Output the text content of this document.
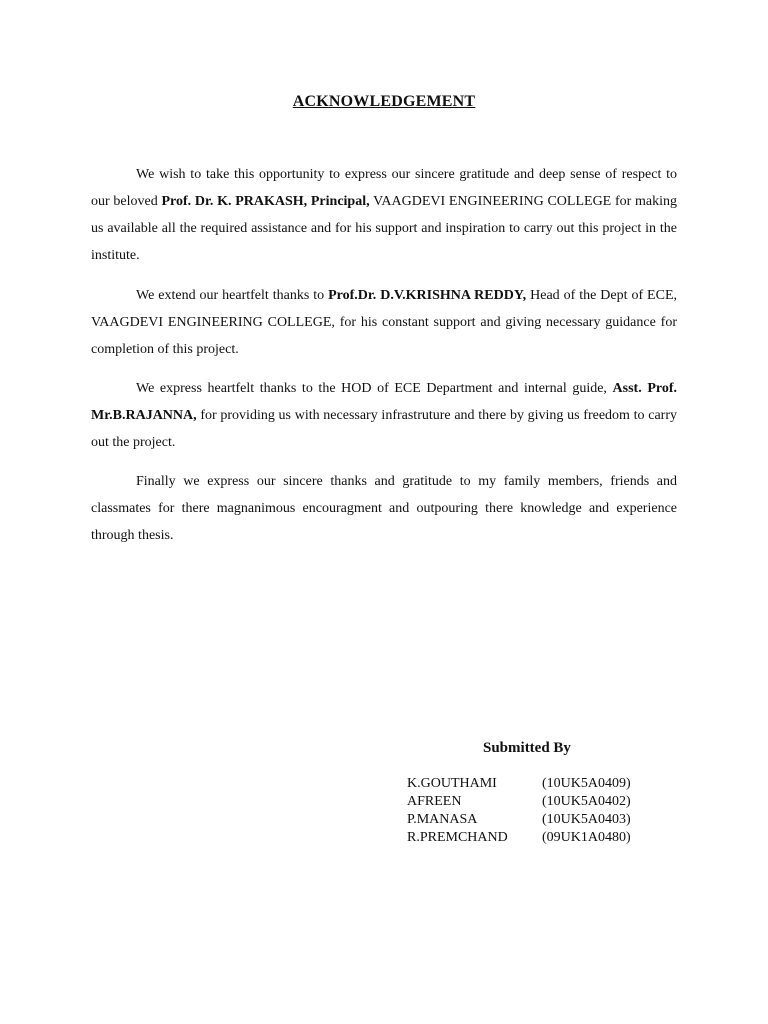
ACKNOWLEDGEMENT

We wish to take this opportunity to express our sincere gratitude and deep sense of respect to our beloved Prof. Dr. K. PRAKASH, Principal, VAAGDEVI ENGINEERING COLLEGE for making us available all the required assistance and for his support and inspiration to carry out this project in the institute.

We extend our heartfelt thanks to Prof.Dr. D.V.KRISHNA REDDY, Head of the Dept of ECE, VAAGDEVI ENGINEERING COLLEGE, for his constant support and giving necessary guidance for completion of this project.

We express heartfelt thanks to the HOD of ECE Department and internal guide, Asst. Prof. Mr.B.RAJANNA, for providing us with necessary infrastruture and there by giving us freedom to carry out the project.

Finally we express our sincere thanks and gratitude to my family members, friends and classmates for there magnanimous encouragment and outpouring there knowledge and experience through thesis.

Submitted By
K.GOUTHAMI	(10UK5A0409)
AFREEN	(10UK5A0402)
P.MANASA	(10UK5A0403)
R.PREMCHAND	(09UK1A0480)
